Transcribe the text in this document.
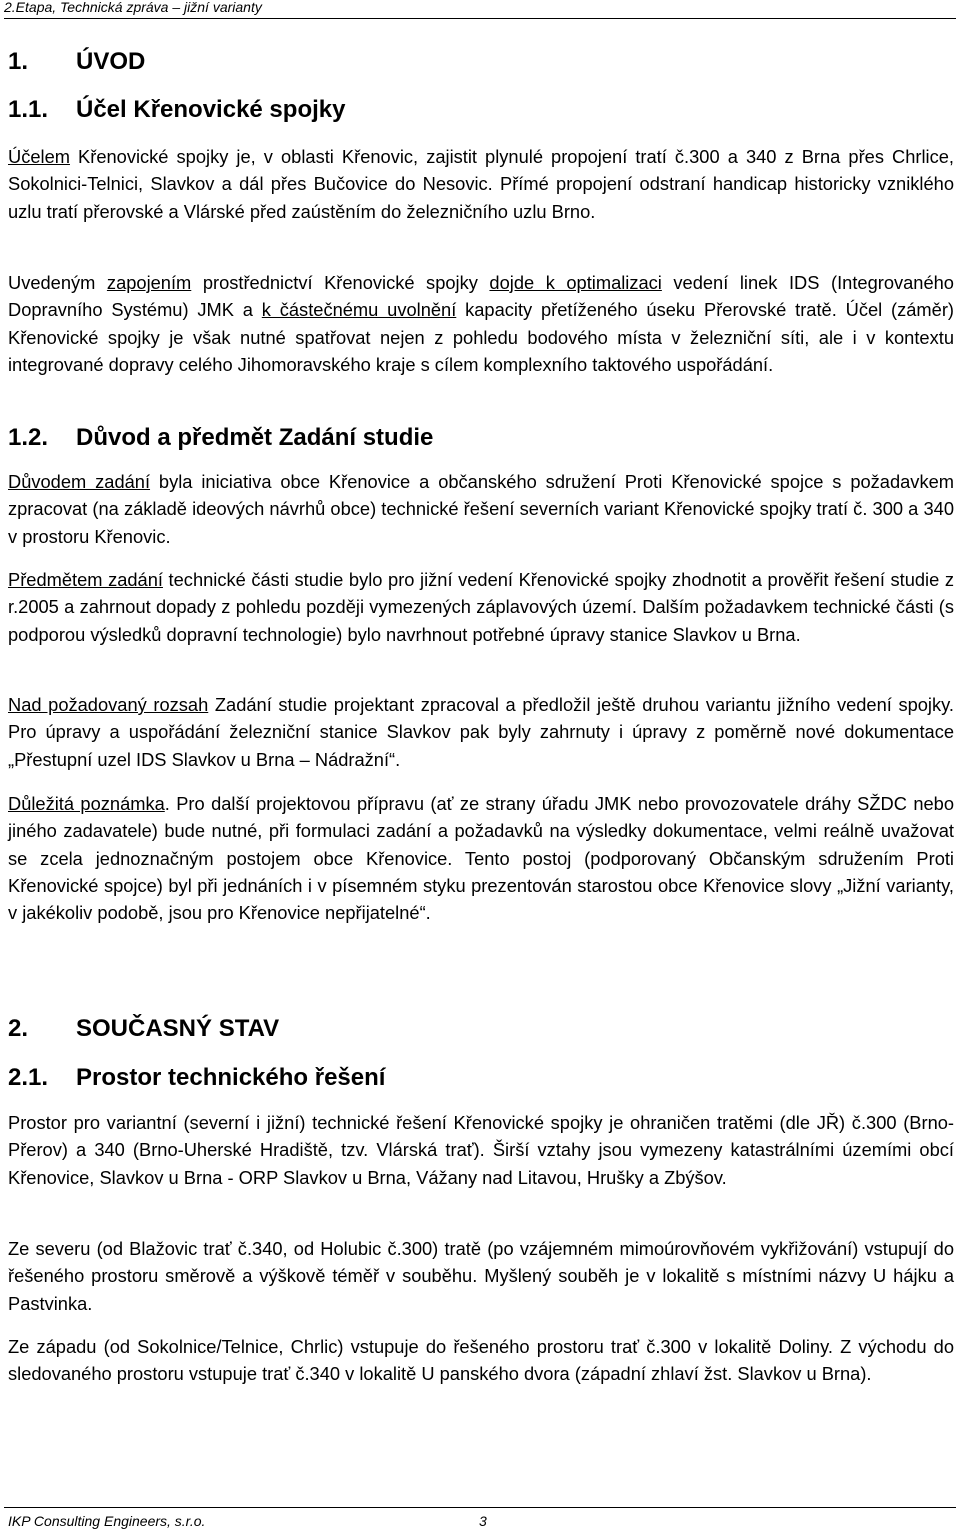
2.Etapa, Technická zpráva – jižní varianty
1. ÚVOD
1.1. Účel Křenovické spojky
Účelem Křenovické spojky je, v oblasti Křenovic, zajistit plynulé propojení tratí č.300 a 340 z Brna přes Chrlice, Sokolnici-Telnici, Slavkov a dál přes Bučovice do Nesovic. Přímé propojení odstraní handicap historicky vzniklého uzlu tratí přerovské a Vlárské před zaústěním do železničního uzlu Brno.
Uvedeným zapojením prostřednictví Křenovické spojky dojde k optimalizaci vedení linek IDS (Integrovaného Dopravního Systému) JMK a k částečnému uvolnění kapacity přetíženého úseku Přerovské tratě. Účel (záměr) Křenovické spojky je však nutné spatřovat nejen z pohledu bodového místa v železniční síti, ale i v kontextu integrované dopravy celého Jihomoravského kraje s cílem komplexního taktového uspořádání.
1.2. Důvod a předmět Zadání studie
Důvodem zadání byla iniciativa obce Křenovice a občanského sdružení Proti Křenovické spojce s požadavkem zpracovat (na základě ideových návrhů obce) technické řešení severních variant Křenovické spojky tratí č. 300 a 340 v prostoru Křenovic.
Předmětem zadání technické části studie bylo pro jižní vedení Křenovické spojky zhodnotit a prověřit řešení studie z r.2005 a zahrnout dopady z pohledu později vymezených záplavových území. Dalším požadavkem technické části (s podporou výsledků dopravní technologie) bylo navrhnout potřebné úpravy stanice Slavkov u Brna.
Nad požadovaný rozsah Zadání studie projektant zpracoval a předložil ještě druhou variantu jižního vedení spojky. Pro úpravy a uspořádání železniční stanice Slavkov pak byly zahrnuty i úpravy z poměrně nové dokumentace „Přestupní uzel IDS Slavkov u Brna – Nádražní“.
Důležitá poznámka. Pro další projektovou přípravu (ať ze strany úřadu JMK nebo provozovatele dráhy SŽDC nebo jiného zadavatele) bude nutné, při formulaci zadání a požadavků na výsledky dokumentace, velmi reálně uvažovat se zcela jednoznačným postojem obce Křenovice. Tento postoj (podporovaný Občanským sdružením Proti Křenovické spojce) byl při jednáních i v písemném styku prezentován starostou obce Křenovice slovy „Jižní varianty, v jakékoliv podobě, jsou pro Křenovice nepřijatelné“.
2. SOUČASNÝ STAV
2.1. Prostor technického řešení
Prostor pro variantní (severní i jižní) technické řešení Křenovické spojky je ohraničen tratěmi (dle JŘ) č.300 (Brno-Přerov) a 340 (Brno-Uherské Hradiště, tzv. Vlárská trať). Širší vztahy jsou vymezeny katastrálními územími obcí Křenovice, Slavkov u Brna - ORP Slavkov u Brna, Vážany nad Litavou, Hrušky a Zbýšov.
Ze severu (od Blažovic trať č.340, od Holubic č.300) tratě (po vzájemném mimoúrovňovém vykřižování) vstupují do řešeného prostoru směrově a výškově téměř v souběhu. Myšlený souběh je v lokalitě s místními názvy U hájku a Pastvinka.
Ze západu (od Sokolnice/Telnice, Chrlic) vstupuje do řešeného prostoru trať č.300 v lokalitě Doliny. Z východu do sledovaného prostoru vstupuje trať č.340 v lokalitě U panského dvora (západní zhlaví žst. Slavkov u Brna).
IKP Consulting Engineers, s.r.o.	3
